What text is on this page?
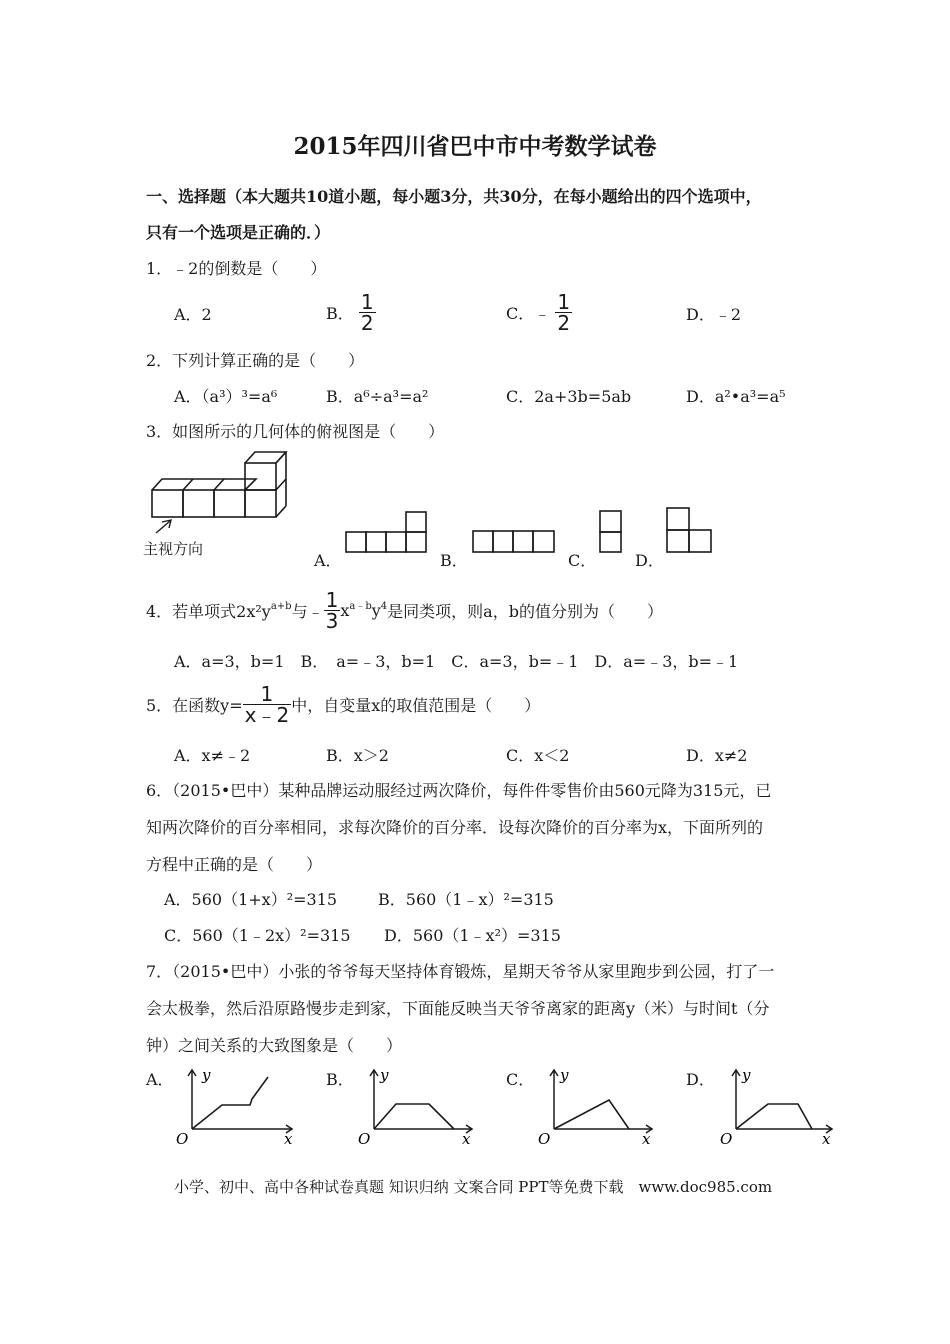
2015年四川省巴中市中考数学试卷
一、选择题（本大题共10道小题，每小题3分，共30分，在每小题给出的四个选项中，
只有一个选项是正确的．）
1．﹣2的倒数是（　　）
A．2	B． $\frac{1}{2}$	C．﹣ $\frac{1}{2}$	D．﹣2
2．下列计算正确的是（　　）
A．（a³）³=a⁶	B．a⁶÷a³=a²	C．2a+3b=5ab	D．a²•a³=a⁵
3．如图所示的几何体的俯视图是（　　）
主视方向
A．	B．	C． D．
4．若单项式$2x^2y^{a+b}$与﹣ $\frac{1}{3} x^{a﹣b}y^4$是同类项，则a，b的值分别为（　　）
A．a=3，b=1　B．　a=﹣3，b=1　C．a=3，b=﹣1　D．a=﹣3，b=﹣1
5．在函数$y= \frac{1}{x﹣2}$ 中，自变量x的取值范围是（　　）
A．x≠﹣2	B．x＞2	C．x＜2	D．x≠2
6．（2015•巴中）某种品牌运动服经过两次降价，每件件零售价由560元降为315元，已
知两次降价的百分率相同，求每次降价的百分率．设每次降价的百分率为x，下面所列的
方程中正确的是（　　）
A．560（1+x）²=315	B．560（1﹣x）²=315
C．560（1﹣2x）²=315 D．560（1﹣x²）=315
7．（2015•巴中）小张的爷爷每天坚持体育锻炼，星期天爷爷从家里跑步到公园，打了一
会太极拳，然后沿原路慢步走到家，下面能反映当天爷爷离家的距离y（米）与时间t（分
钟）之间关系的大致图象是（　　）
A．	B．	C．	D．
y
x
O
y
x
O
y
x
O
y
x
O
小学、初中、高中各种试卷真题 知识归纳 文案合同 PPT等免费下载　www.doc985.com
